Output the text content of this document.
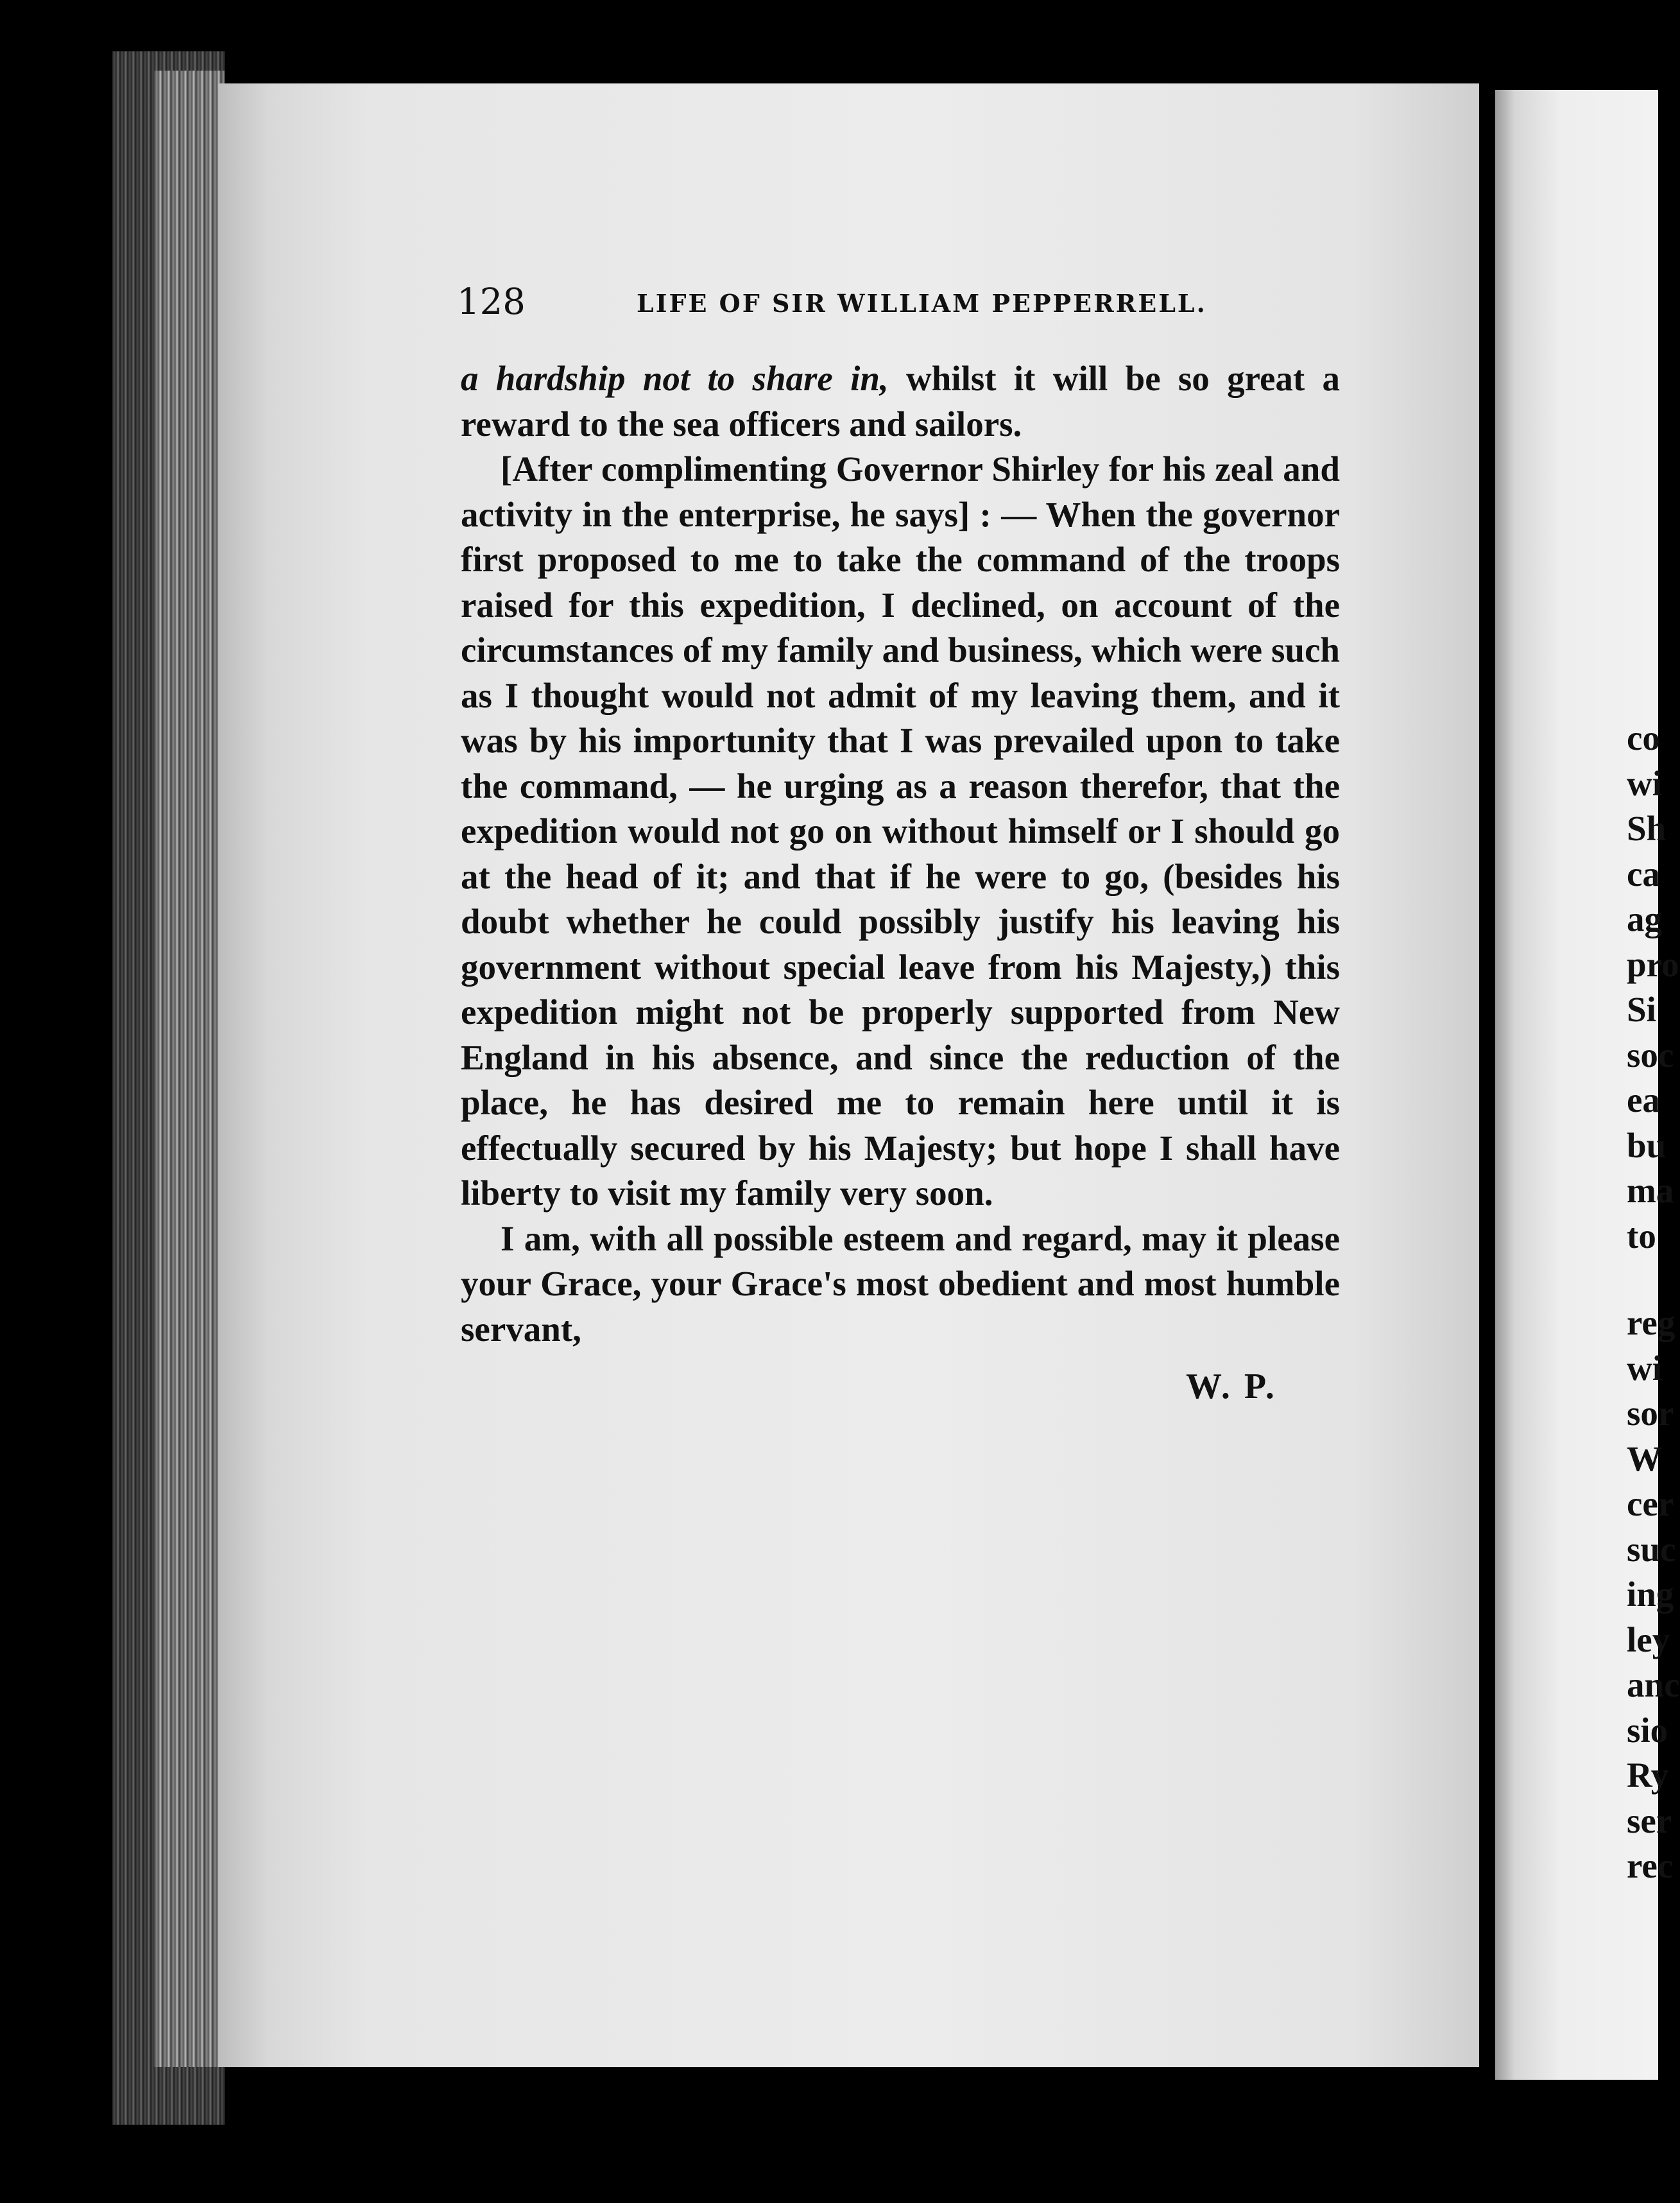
128	LIFE OF SIR WILLIAM PEPPERRELL.

a hardship not to share in, whilst it will be so great a reward to the sea officers and sailors.

[After complimenting Governor Shirley for his zeal and activity in the enterprise, he says] : — When the governor first proposed to me to take the command of the troops raised for this expedition, I declined, on account of the circumstances of my family and business, which were such as I thought would not admit of my leaving them, and it was by his importunity that I was prevailed upon to take the command, — he urging as a reason therefor, that the expedition would not go on without himself or I should go at the head of it; and that if he were to go, (besides his doubt whether he could possibly justify his leaving his government without special leave from his Majesty,) this expedition might not be properly supported from New England in his absence, and since the reduction of the place, he has desired me to remain here until it is effectually secured by his Majesty; but hope I shall have liberty to visit my family very soon.

I am, with all possible esteem and regard, may it please your Grace, your Grace's most obedient and most humble servant,

W. P.
co
wi
Sh
ca
ag
pro
Si
soc
ea
bu
ma
to
reg
wi
sor
W
cer
suc
ing
ley
anc
sio
Ry
ser
rec
